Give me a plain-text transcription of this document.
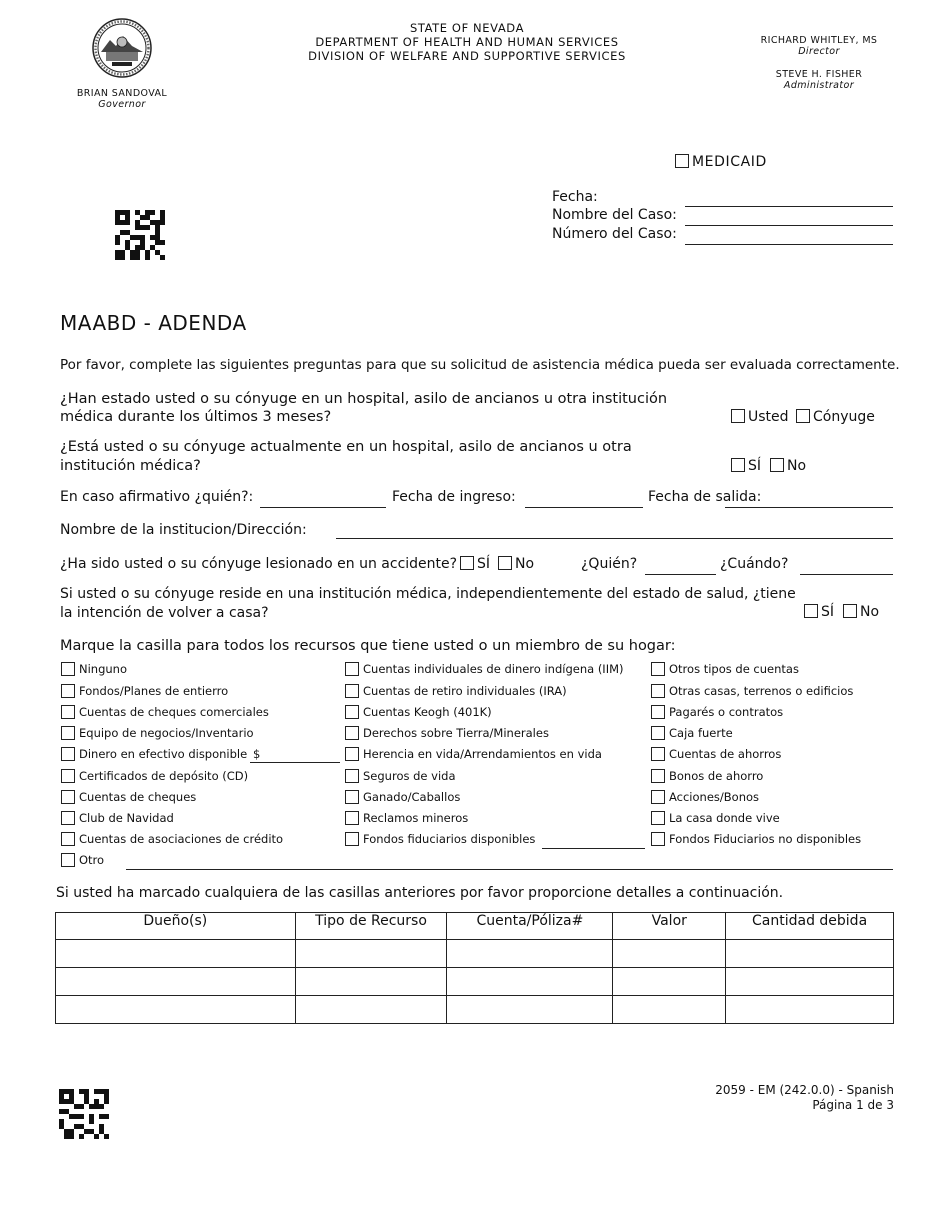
BRIAN SANDOVAL
Governor
STATE OF NEVADA
DEPARTMENT OF HEALTH AND HUMAN SERVICES
DIVISION OF WELFARE AND SUPPORTIVE SERVICES
RICHARD WHITLEY, MS
Director
STEVE H. FISHER
Administrator
MEDICAID
Fecha:
Nombre del Caso:
Número del Caso:
MAABD - ADENDA
Por favor, complete las siguientes preguntas para que su solicitud de asistencia médica pueda ser evaluada correctamente.
¿Han estado usted o su cónyuge en un hospital, asilo de ancianos u otra institución
médica durante los últimos 3 meses?	Usted	Cónyuge
¿Está usted o su cónyuge actualmente en un hospital, asilo de ancianos u otra
institución médica?	SÍ	No
En caso afirmativo ¿quién?:	Fecha de ingreso:	Fecha de salida:
Nombre de la institucion/Dirección:
¿Ha sido usted o su cónyuge lesionado en un accidente?	SÍ	No	¿Quién?	¿Cuándo?
Si usted o su cónyuge reside en una institución médica, independientemente del estado de salud, ¿tiene
la intención de volver a casa?	SÍ	No
Marque la casilla para todos los recursos que tiene usted o un miembro de su hogar:
Ninguno
Fondos/Planes de entierro
Cuentas de cheques comerciales
Equipo de negocios/Inventario
Dinero en efectivo disponible $
Certificados de depósito (CD)
Cuentas de cheques
Club de Navidad
Cuentas de asociaciones de crédito
Otro
Cuentas individuales de dinero indígena (IIM)
Cuentas de retiro individuales (IRA)
Cuentas Keogh (401K)
Derechos sobre Tierra/Minerales
Herencia en vida/Arrendamientos en vida
Seguros de vida
Ganado/Caballos
Reclamos mineros
Fondos fiduciarios disponibles
Otros tipos de cuentas
Otras casas, terrenos o edificios
Pagarés o contratos
Caja fuerte
Cuentas de ahorros
Bonos de ahorro
Acciones/Bonos
La casa donde vive
Fondos Fiduciarios no disponibles
Si usted ha marcado cualquiera de las casillas anteriores por favor proporcione detalles a continuación.
Dueño(s)	Tipo de Recurso	Cuenta/Póliza#	Valor	Cantidad debida

2059 - EM (242.0.0) - Spanish
Página 1 de 3
